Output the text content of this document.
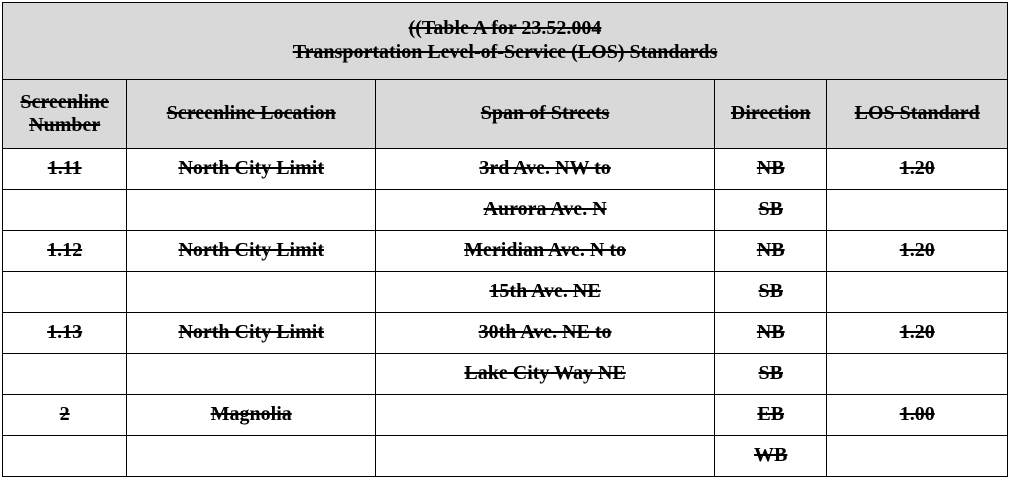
((Table A for 23.52.004
Transportation Level-of-Service (LOS) Standards				

Screenline
Number	Screenline Location	Span of Streets	Direction	LOS Standard

1.11	North City Limit	3rd Ave. NW to	NB	1.20
		Aurora Ave. N	SB	
1.12	North City Limit	Meridian Ave. N to	NB	1.20
		15th Ave. NE	SB	
1.13	North City Limit	30th Ave. NE to	NB	1.20
		Lake City Way NE	SB	
2	Magnolia		EB	1.00
			WB	
